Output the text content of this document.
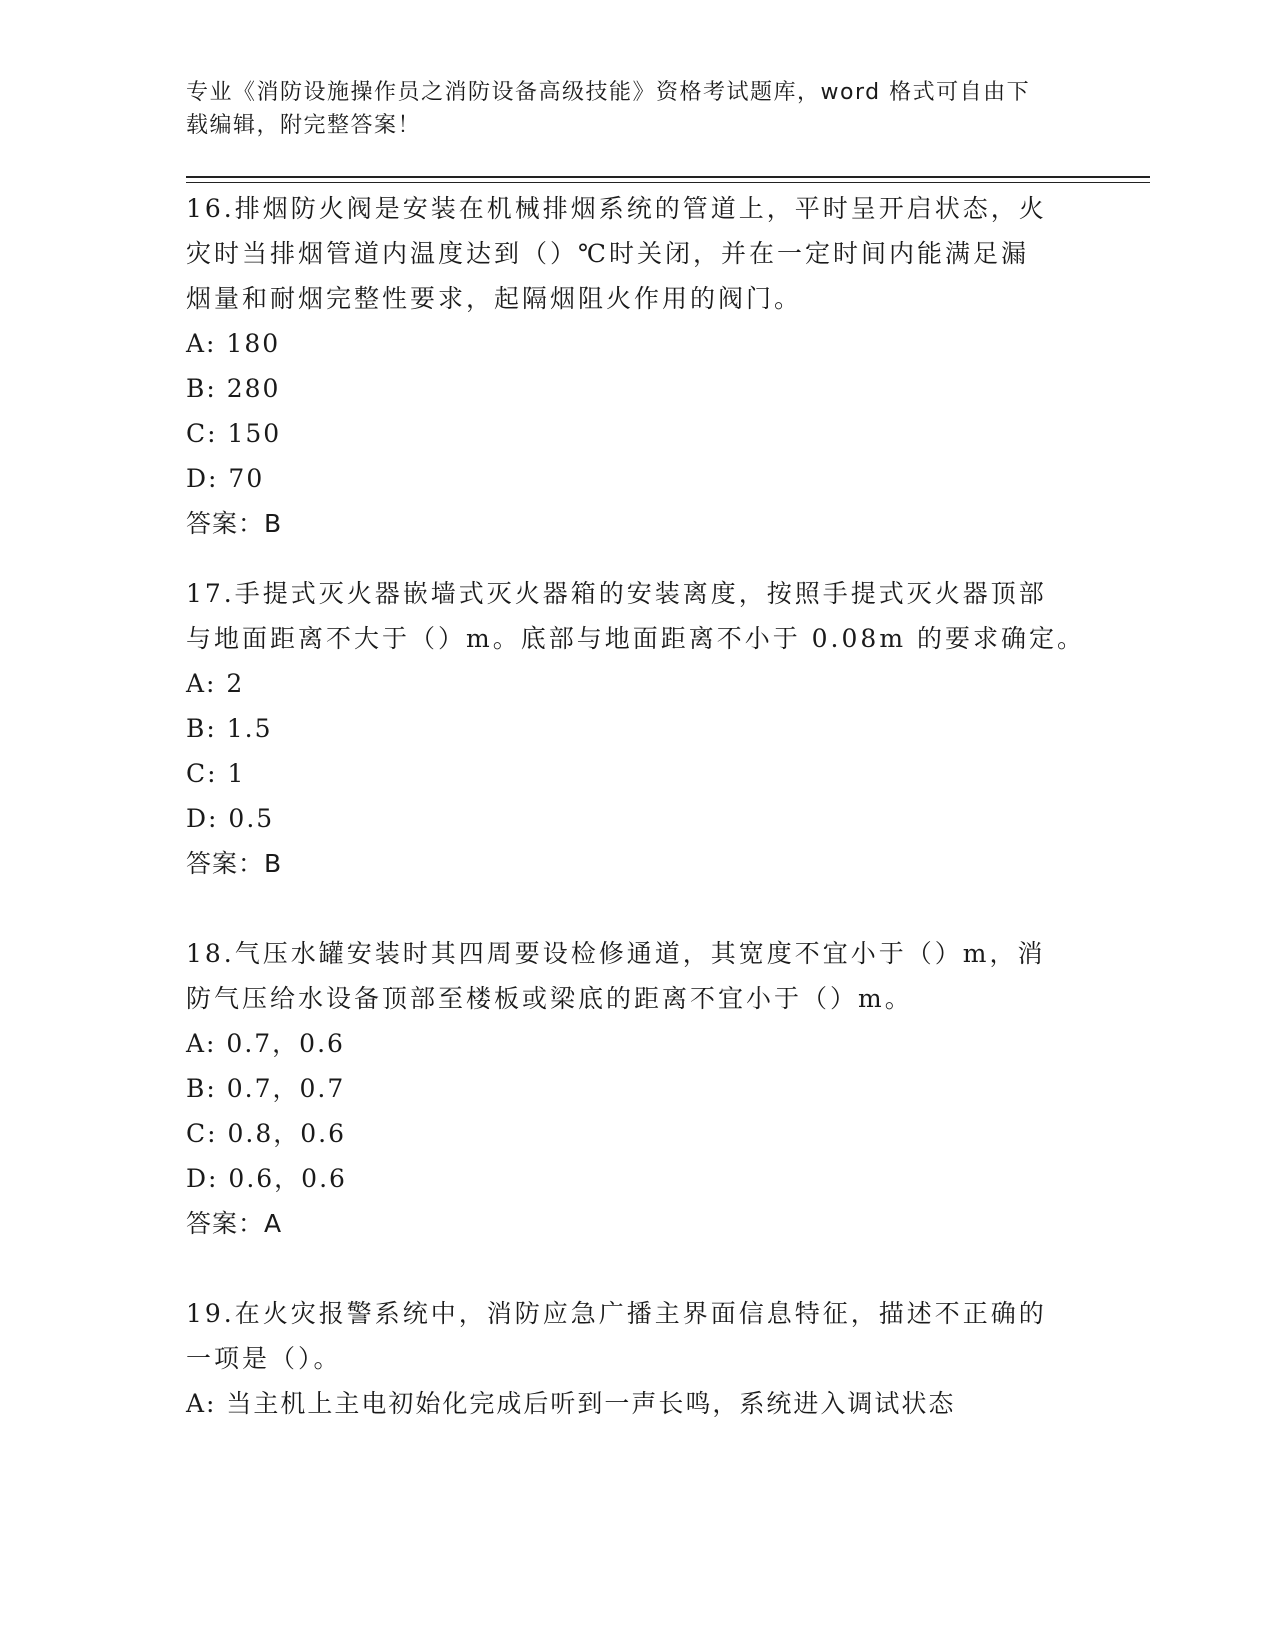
专业《消防设施操作员之消防设备高级技能》资格考试题库，word 格式可自由下
载编辑，附完整答案！

16.排烟防火阀是安装在机械排烟系统的管道上，平时呈开启状态，火

灾时当排烟管道内温度达到（）℃时关闭，并在一定时间内能满足漏

烟量和耐烟完整性要求，起隔烟阻火作用的阀门。

A: 180

B: 280

C: 150

D: 70

答案：B

17.手提式灭火器嵌墙式灭火器箱的安装离度，按照手提式灭火器顶部

与地面距离不大于（）m。底部与地面距离不小于 0.08m 的要求确定。

A: 2

B: 1.5

C: 1

D: 0.5

答案：B

18.气压水罐安装时其四周要设检修通道，其宽度不宜小于（）m，消

防气压给水设备顶部至楼板或梁底的距离不宜小于（）m。

A: 0.7，0.6

B: 0.7，0.7

C: 0.8，0.6

D: 0.6，0.6

答案：A

19.在火灾报警系统中，消防应急广播主界面信息特征，描述不正确的

一项是（）。

A: 当主机上主电初始化完成后听到一声长鸣，系统进入调试状态
